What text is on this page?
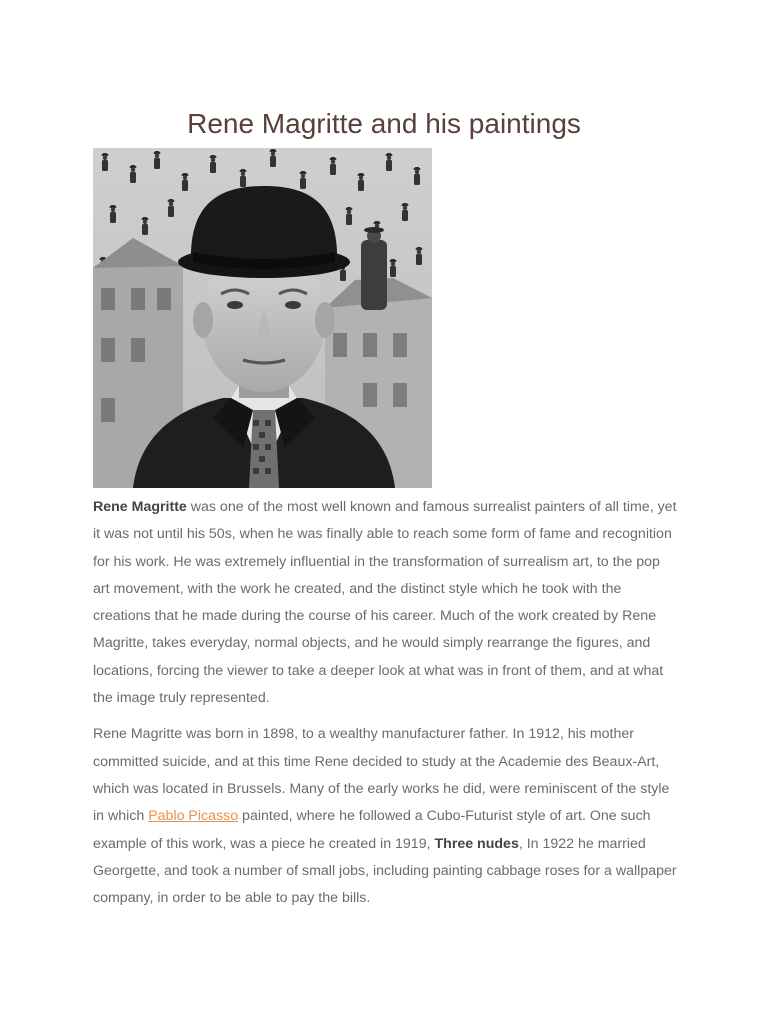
Rene Magritte and his paintings

Rene Magritte was one of the most well known and famous surrealist painters of all time, yet it was not until his 50s, when he was finally able to reach some form of fame and recognition for his work. He was extremely influential in the transformation of surrealism art, to the pop art movement, with the work he created, and the distinct style which he took with the creations that he made during the course of his career. Much of the work created by Rene Magritte, takes everyday, normal objects, and he would simply rearrange the figures, and locations, forcing the viewer to take a deeper look at what was in front of them, and at what the image truly represented.

Rene Magritte was born in 1898, to a wealthy manufacturer father. In 1912, his mother committed suicide, and at this time Rene decided to study at the Academie des Beaux-Art, which was located in Brussels. Many of the early works he did, were reminiscent of the style in which Pablo Picasso painted, where he followed a Cubo-Futurist style of art. One such example of this work, was a piece he created in 1919, Three nudes, In 1922 he married Georgette, and took a number of small jobs, including painting cabbage roses for a wallpaper company, in order to be able to pay the bills.
